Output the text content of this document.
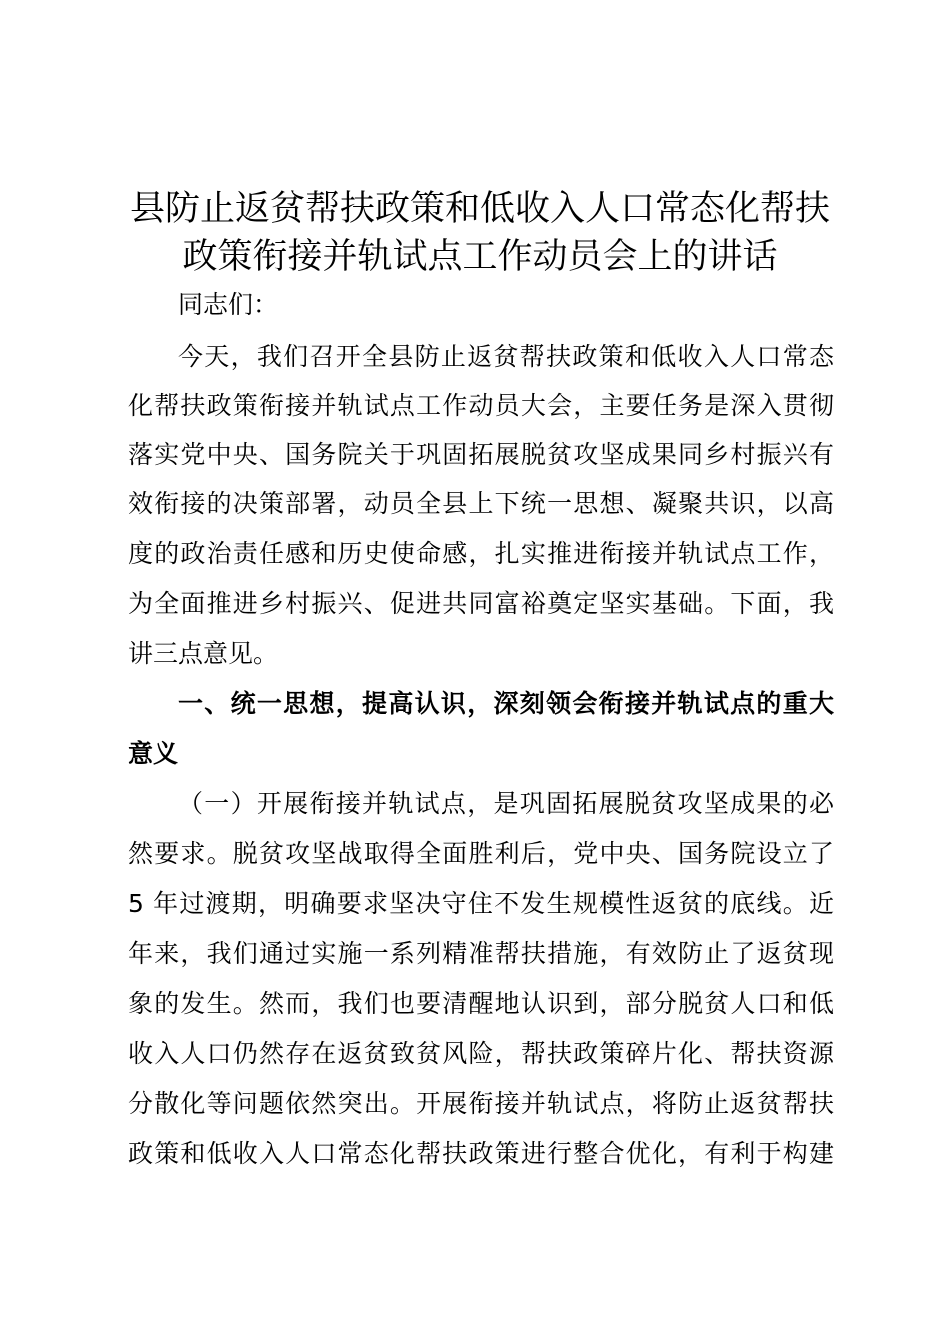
县防止返贫帮扶政策和低收入人口常态化帮扶
政策衔接并轨试点工作动员会上的讲话

同志们：

今天，我们召开全县防止返贫帮扶政策和低收入人口常态

化帮扶政策衔接并轨试点工作动员大会，主要任务是深入贯彻

落实党中央、国务院关于巩固拓展脱贫攻坚成果同乡村振兴有

效衔接的决策部署，动员全县上下统一思想、凝聚共识，以高

度的政治责任感和历史使命感，扎实推进衔接并轨试点工作，

为全面推进乡村振兴、促进共同富裕奠定坚实基础。下面，我

讲三点意见。

一、统一思想，提高认识，深刻领会衔接并轨试点的重大

意义

（一）开展衔接并轨试点，是巩固拓展脱贫攻坚成果的必

然要求。脱贫攻坚战取得全面胜利后，党中央、国务院设立了

5 年过渡期，明确要求坚决守住不发生规模性返贫的底线。近

年来，我们通过实施一系列精准帮扶措施，有效防止了返贫现

象的发生。然而，我们也要清醒地认识到，部分脱贫人口和低

收入人口仍然存在返贫致贫风险，帮扶政策碎片化、帮扶资源

分散化等问题依然突出。开展衔接并轨试点，将防止返贫帮扶

政策和低收入人口常态化帮扶政策进行整合优化，有利于构建
